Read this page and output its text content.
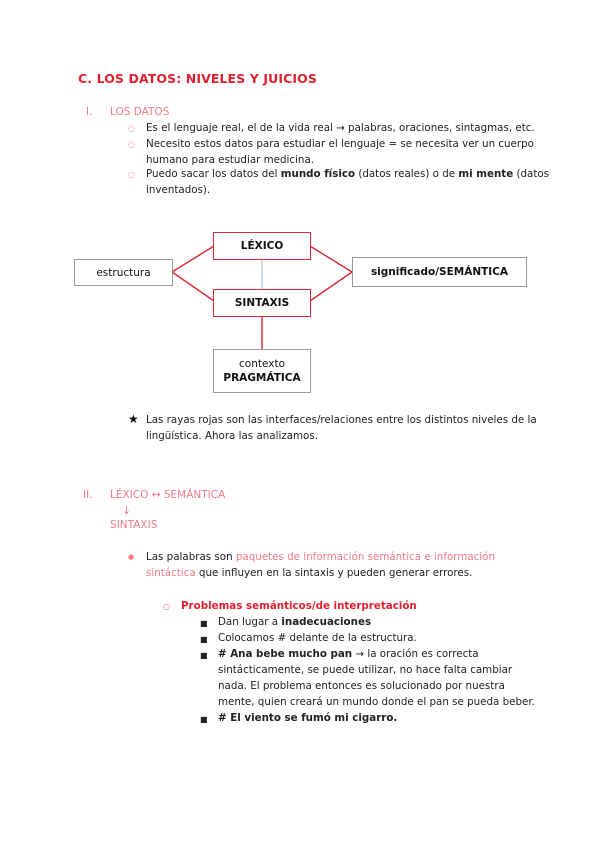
C. LOS DATOS: NIVELES Y JUICIOS
I. LOS DATOS
○ Es el lenguaje real, el de la vida real → palabras, oraciones, sintagmas, etc.
○ Necesito estos datos para estudiar el lenguaje = se necesita ver un cuerpo
humano para estudiar medicina.
○ Puedo sacar los datos del mundo físico (datos reales) o de mi mente (datos
inventados).
LÉXICO
estructura	significado/SEMÁNTICA
SINTAXIS
contexto
PRAGMÁTICA
★ Las rayas rojas son las interfaces/relaciones entre los distintos niveles de la
lingüística. Ahora las analizamos.
II. LÉXICO ↔ SEMÁNTICA
↓
SINTAXIS
● Las palabras son paquetes de información semántica e información
sintáctica que influyen en la sintaxis y pueden generar errores.
○ Problemas semánticos/de interpretación
■ Dan lugar a inadecuaciones
■ Colocamos # delante de la estructura.
■ # Ana bebe mucho pan → la oración es correcta
sintácticamente, se puede utilizar, no hace falta cambiar
nada. El problema entonces es solucionado por nuestra
mente, quien creará un mundo donde el pan se pueda beber.
■ # El viento se fumó mi cigarro.
